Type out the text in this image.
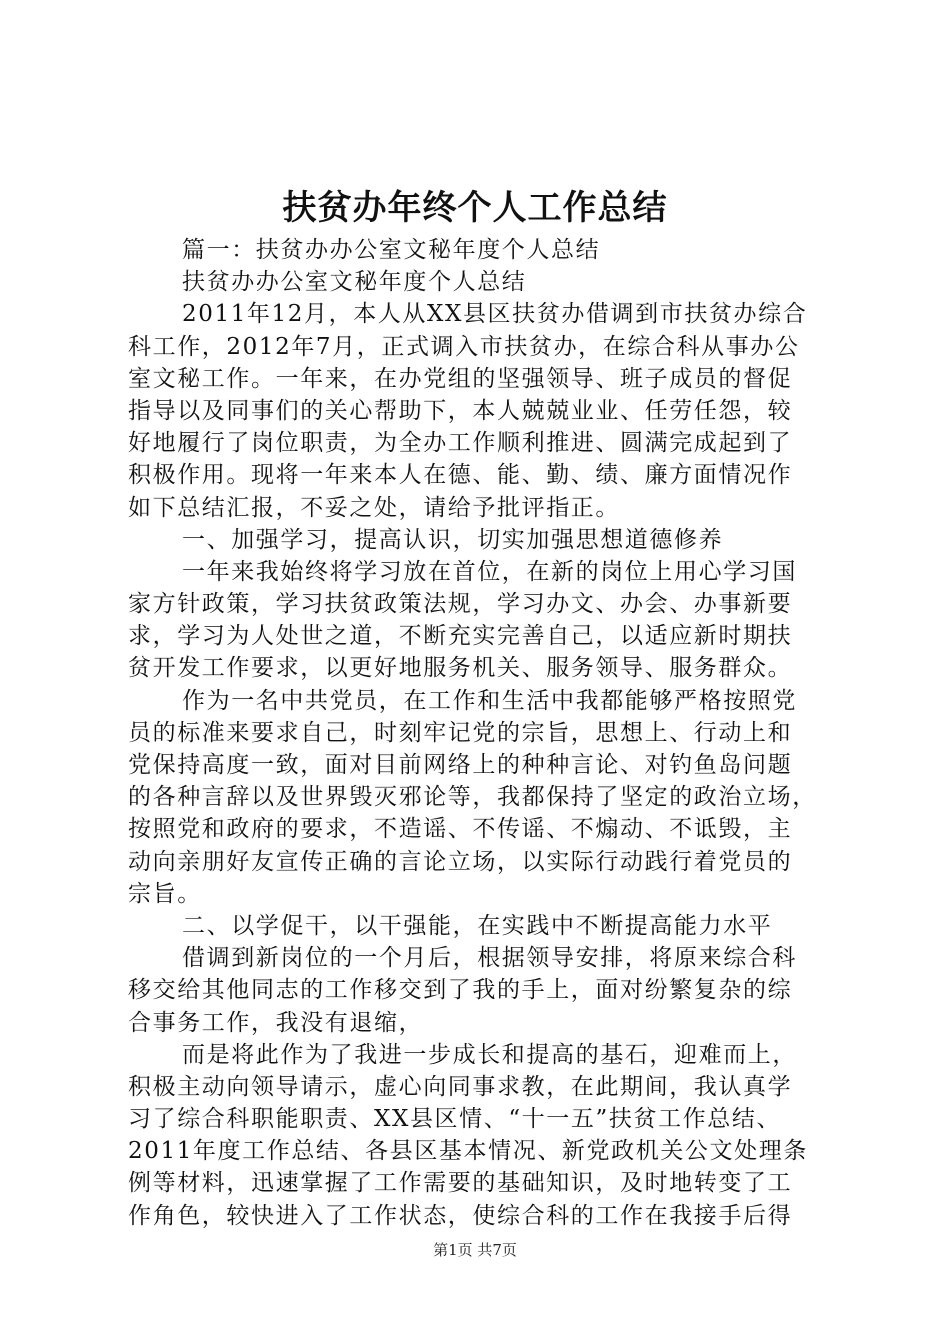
扶贫办年终个人工作总结
篇一：扶贫办办公室文秘年度个人总结
扶贫办办公室文秘年度个人总结
2011年12月，本人从XX县区扶贫办借调到市扶贫办综合
科工作，2012年7月，正式调入市扶贫办，在综合科从事办公
室文秘工作。一年来，在办党组的坚强领导、班子成员的督促
指导以及同事们的关心帮助下，本人兢兢业业、任劳任怨，较
好地履行了岗位职责，为全办工作顺利推进、圆满完成起到了
积极作用。现将一年来本人在德、能、勤、绩、廉方面情况作
如下总结汇报，不妥之处，请给予批评指正。
一、加强学习，提高认识，切实加强思想道德修养
一年来我始终将学习放在首位，在新的岗位上用心学习国
家方针政策，学习扶贫政策法规，学习办文、办会、办事新要
求，学习为人处世之道，不断充实完善自己，以适应新时期扶
贫开发工作要求，以更好地服务机关、服务领导、服务群众。
作为一名中共党员，在工作和生活中我都能够严格按照党
员的标准来要求自己，时刻牢记党的宗旨，思想上、行动上和
党保持高度一致，面对目前网络上的种种言论、对钓鱼岛问题
的各种言辞以及世界毁灭邪论等，我都保持了坚定的政治立场，
按照党和政府的要求，不造谣、不传谣、不煽动、不诋毁，主
动向亲朋好友宣传正确的言论立场，以实际行动践行着党员的
宗旨。
二、以学促干，以干强能，在实践中不断提高能力水平
借调到新岗位的一个月后，根据领导安排，将原来综合科
移交给其他同志的工作移交到了我的手上，面对纷繁复杂的综
合事务工作，我没有退缩，
而是将此作为了我进一步成长和提高的基石，迎难而上，
积极主动向领导请示，虚心向同事求教，在此期间，我认真学
习了综合科职能职责、XX县区情、“十一五”扶贫工作总结、
2011年度工作总结、各县区基本情况、新党政机关公文处理条
例等材料，迅速掌握了工作需要的基础知识，及时地转变了工
作角色，较快进入了工作状态，使综合科的工作在我接手后得
第1页 共7页
